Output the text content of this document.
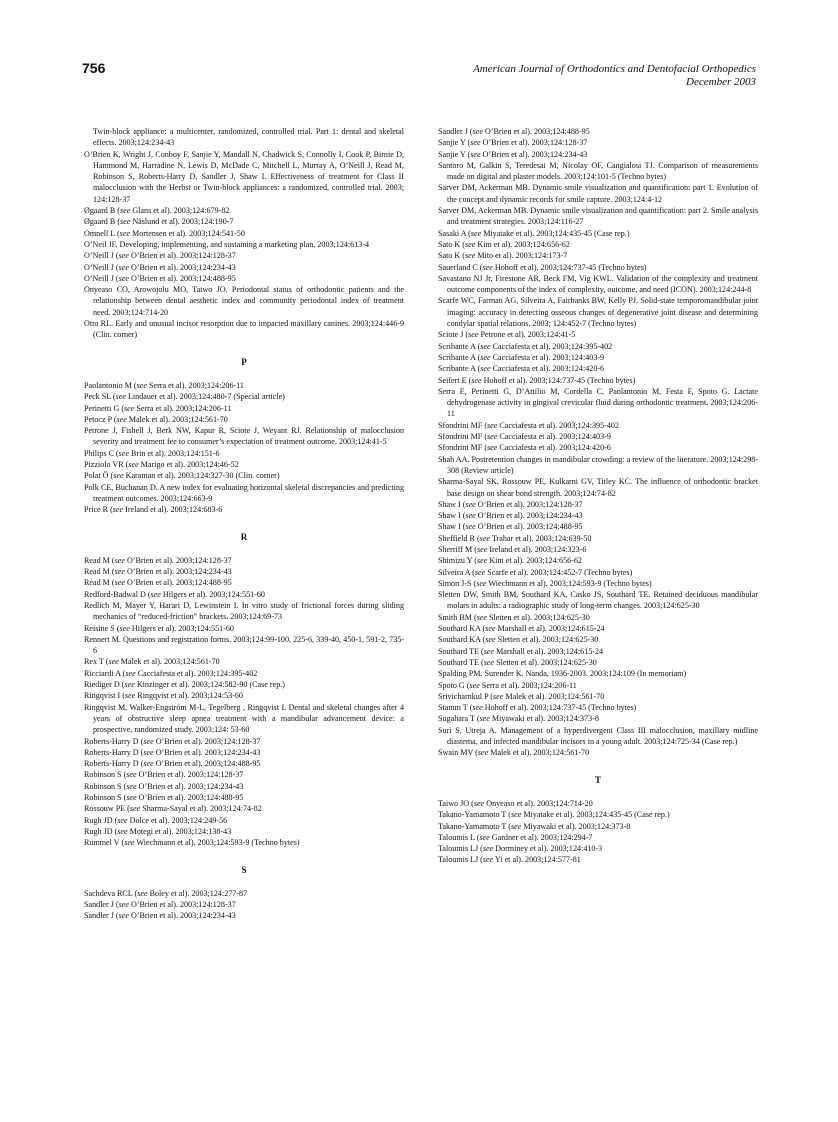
756	American Journal of Orthodontics and Dentofacial Orthopedics
December 2003
Twin-block appliance: a multicenter, randomized, controlled trial. Part 1: dental and skeletal effects. 2003;124:234-43
O’Brien K, Wright J, Conboy F, Sanjie Y, Mandall N, Chadwick S, Connolly I, Cook P, Birnie D, Hammond M, Harradine N, Lewis D, McDade C, Mitchell L, Murray A, O’Neill J, Read M, Robinson S, Roberts-Harry D, Sandler J, Shaw I. Effectiveness of treatment for Class II malocclusion with the Herbst or Twin-block appliances: a randomized, controlled trial. 2003; 124:128-37
Øgaard B (see Glans et al). 2003;124:679-82
Øgaard B (see Näslund et al). 2003;124:190-7
Omnell L (see Mortensen et al). 2003;124:541-50
O’Neil JF. Developing, implementing, and sustaining a marketing plan. 2003;124:613-4
O’Neill J (see O’Brien et al). 2003;124:128-37
O’Neill J (see O’Brien et al). 2003;124:234-43
O’Neill J (see O’Brien et al). 2003;124:488-95
Onyeaso CO, Arowojolu MO, Taiwo JO. Periodontal status of orthodontic patients and the relationship between dental aesthetic index and community periodontal index of treatment need. 2003;124:714-20
Otto RL. Early and unusual incisor resorption due to impacted maxillary canines. 2003;124:446-9 (Clin. corner)
P
Paolantonio M (see Serra et al). 2003;124:206-11
Peck SL (see Lindauer et al). 2003;124:480-7 (Special article)
Perinetti G (see Serra et al). 2003;124:206-11
Petocz P (see Malek et al). 2003;124:561-70
Petrone J, Fishell J, Berk NW, Kapur R, Sciote J, Weyant RJ. Relationship of malocclusion severity and treatment fee to consumer’s expectation of treatment outcome. 2003;124:41-5
Philips C (see Brin et al). 2003;124:151-6
Pizziolo VR (see Marigo et al). 2003;124:46-52
Polat Ö (see Karaman et al). 2003;124:327-30 (Clin. corner)
Polk CE, Buchanan D. A new index for evaluating horizontal skeletal discrepancies and predicting treatment outcomes. 2003;124:663-9
Price R (see Ireland et al). 2003;124:683-6
R
Read M (see O’Brien et al). 2003;124:128-37
Read M (see O’Brien et al). 2003;124:234-43
Read M (see O’Brien et al). 2003;124:488-95
Redford-Badwal D (see Hilgers et al). 2003;124:551-60
Redlich M, Mayer Y, Harari D, Lewinstein I. In vitro study of frictional forces during sliding mechanics of “reduced-friction” brackets. 2003;124:69-73
Reisine S (see Hilgers et al). 2003;124:551-60
Rennert M. Questions and registration forms. 2003;124:99-100, 225-6, 339-40, 450-1, 591-2, 735-6
Rex T (see Malek et al). 2003;124:561-70
Ricciardi A (see Cacciafesta et al). 2003;124:395-402
Riediger D (see Kinzinger et al). 2003;124:582-90 (Case rep.)
Ringqvist I (see Ringqvist et al). 2003;124:53-60
Ringqvist M, Walker-Engström M-L, Tegelberg , Ringqvist I. Dental and skeletal changes after 4 years of obstructive sleep apnea treatment with a mandibular advancement device: a prospective, randomized study. 2003;124: 53-60
Roberts-Harry D (see O’Brien et al). 2003;124:128-37
Roberts-Harry D (see O’Brien et al). 2003;124:234-43
Roberts-Harry D (see O’Brien et al). 2003;124:488-95
Robinson S (see O’Brien et al). 2003;124:128-37
Robinson S (see O’Brien et al). 2003;124:234-43
Robinson S (see O’Brien et al). 2003;124:488-95
Rossouw PE (see Sharma-Sayal et al). 2003;124:74-82
Rugh JD (see Dolce et al). 2003;124:249-56
Rugh JD (see Motegi et al). 2003;124:138-43
Rummel V (see Wiechmann et al). 2003;124:593-9 (Techno bytes)
S
Sachdeva RCL (see Boley et al). 2003;124:277-87
Sandler J (see O’Brien et al). 2003;124:128-37
Sandler J (see O’Brien et al). 2003;124:234-43
Sandler J (see O’Brien et al). 2003;124:488-95
Sanjie Y (see O’Brien et al). 2003;124:128-37
Sanjie Y (see O’Brien et al). 2003;124:234-43
Santoro M, Galkin S, Teredesai M, Nicolay OF, Cangialosi TJ. Comparison of measurements made on digital and plaster models. 2003;124:101-5 (Techno bytes)
Sarver DM, Ackerman MB. Dynamic smile visualization and quantification: part 1. Evolution of the concept and dynamic records for smile capture. 2003;124:4-12
Sarver DM, Ackerman MB. Dynamic smile visualization and quantification: part 2. Smile analysis and treatment strategies. 2003;124:116-27
Sasaki A (see Miyatake et al). 2003;124:435-45 (Case rep.)
Sato K (see Kim et al). 2003;124:656-62
Sato K (see Mito et al). 2003;124:173-7
Sauerland C (see Hohoff et al). 2003;124:737-45 (Techno bytes)
Savastano NJ Jr, Firestone AR, Beck FM, Vig KWL. Validation of the complexity and treatment outcome components of the index of complexity, outcome, and need (ICON). 2003;124:244-8
Scarfe WC, Farman AG, Silveira A, Fairbanks BW, Kelly PJ. Solid-state temporomandibular joint imaging: accuracy in detecting osseous changes of degenerative joint disease and determining condylar spatial relations. 2003; 124:452-7 (Techno bytes)
Sciote J (see Petrone et al). 2003;124:41-5
Scribante A (see Cacciafesta et al). 2003;124:395-402
Scribante A (see Cacciafesta et al). 2003;124:403-9
Scribante A (see Cacciafesta et al). 2003;124:420-6
Seifert E (see Hohoff et al). 2003;124:737-45 (Techno bytes)
Serra E, Perinetti G, D’Attilio M, Cordella C, Paolantonio M, Festa F, Spoto G. Lactate dehydrogenase activity in gingival crevicular fluid during orthodontic treatment. 2003;124:206-11
Sfondrini MF (see Cacciafesta et al). 2003;124:395-402
Sfondrini MF (see Cacciafesta et al). 2003;124:403-9
Sfondrini MF (see Cacciafesta et al). 2003;124:420-6
Shah AA. Postretention changes in mandibular crowding: a review of the literature. 2003;124:298-308 (Review article)
Sharma-Sayal SK, Rossouw PE, Kulkarni GV, Titley KC. The influence of orthodontic bracket base design on shear bond strength. 2003;124:74-82
Shaw I (see O’Brien et al). 2003;124:128-37
Shaw I (see O’Brien et al). 2003;124:234-43
Shaw I (see O’Brien et al). 2003;124:488-95
Sheffield R (see Trahar et al). 2003;124:639-50
Sherriff M (see Ireland et al). 2003;124:323-6
Shimizu Y (see Kim et al). 2003;124:656-62
Silveira A (see Scarfe et al). 2003;124:452-7 (Techno bytes)
Simon J-S (see Wiechmann et al). 2003;124:593-9 (Techno bytes)
Sletten DW, Smith BM, Southard KA, Casko JS, Southard TE. Retained deciduous mandibular molars in adults: a radiographic study of long-term changes. 2003;124:625-30
Smith BM (see Sletten et al). 2003;124:625-30
Southard KA (see Marshall et al). 2003;124:615-24
Southard KA (see Sletten et al). 2003;124:625-30
Southard TE (see Marshall et al). 2003;124:615-24
Southard TE (see Sletten et al). 2003;124:625-30
Spalding PM. Surender K. Nanda, 1936-2003. 2003;124:109 (In memoriam)
Spoto G (see Serra et al). 2003;124:206-11
Srivicharnkul P (see Malek et al). 2003;124:561-70
Stamm T (see Hohoff et al). 2003;124:737-45 (Techno bytes)
Sugahara T (see Miyawaki et al). 2003;124:373-8
Suri S, Utreja A. Management of a hyperdivergent Class III malocclusion, maxillary midline diastema, and infected mandibular incisors in a young adult. 2003;124:725-34 (Case rep.)
Swain MV (see Malek et al). 2003;124:561-70
T
Taiwo JO (see Onyeaso et al). 2003;124:714-20
Takano-Yamamoto T (see Miyatake et al). 2003;124:435-45 (Case rep.)
Takano-Yamamoto T (see Miyawaki et al). 2003;124:373-8
Taloumis L (see Gardner et al). 2003;124:294-7
Taloumis LJ (see Dorminey et al). 2003;124:410-3
Taloumis LJ (see Yi et al). 2003;124:577-81
